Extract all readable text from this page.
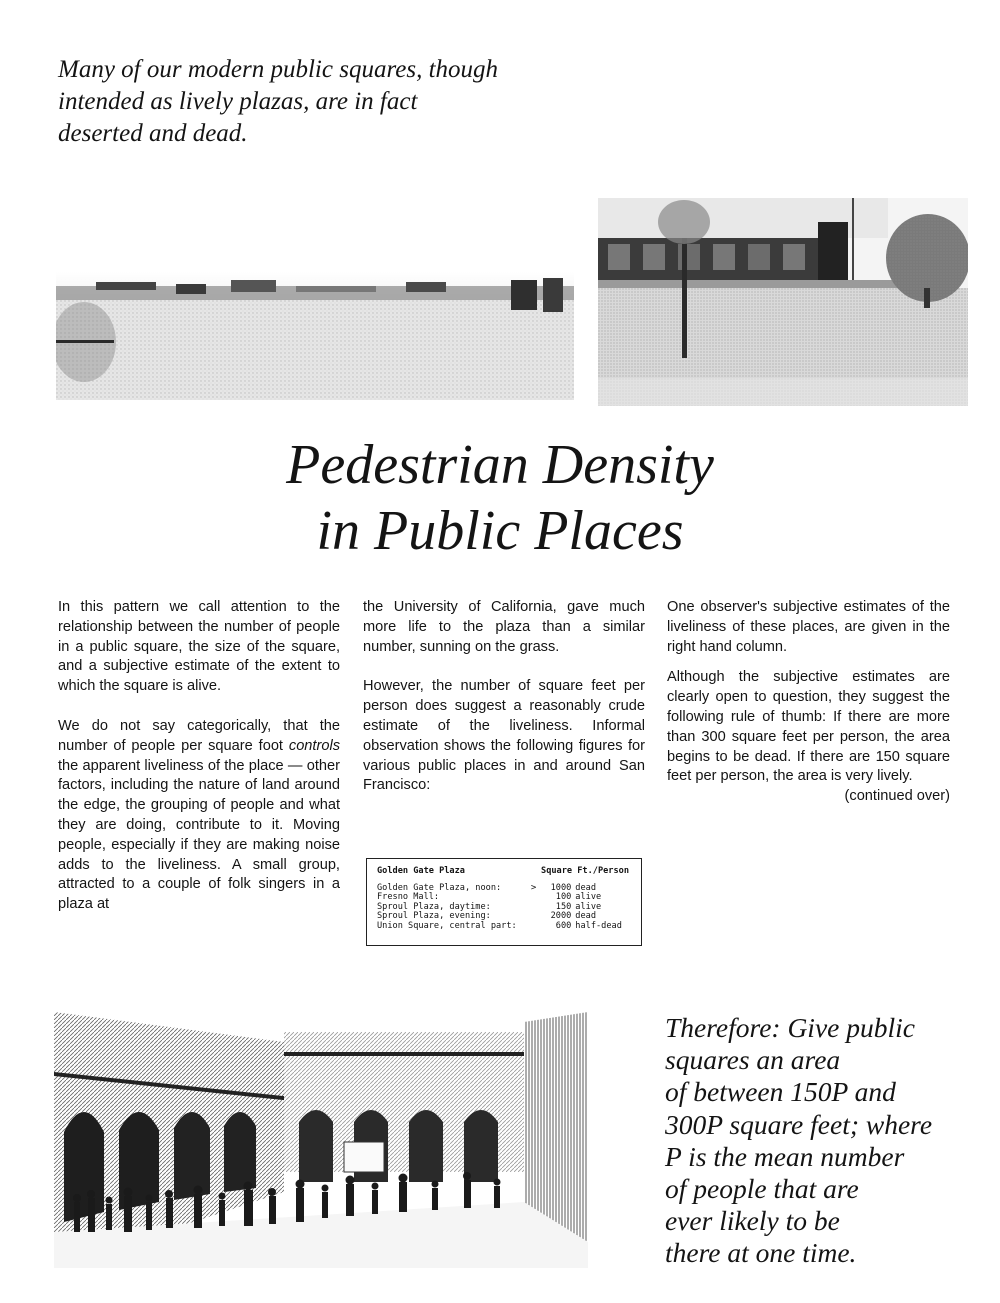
Many of our modern public squares, though
intended as lively plazas, are in fact
deserted and dead.
Pedestrian Density
in Public Places

In this pattern we call attention to the relationship between the number of people in a public square, the size of the square, and a subjective estimate of the extent to which the square is alive.

We do not say categorically, that the number of people per square foot controls the apparent liveliness of the place — other factors, including the nature of land around the edge, the grouping of people and what they are doing, contribute to it. Moving people, especially if they are making noise adds to the liveliness. A small group, attracted to a couple of folk singers in a plaza at

the University of California, gave much more life to the plaza than a similar number, sunning on the grass.

However, the number of square feet per person does suggest a reasonably crude estimate of the liveliness. Informal observation shows the following figures for various public places in and around San Francisco:

Golden Gate Plaza	Square Ft./Person
Golden Gate Plaza, noon:	>	1000 dead
Fresno Mall:	100 alive
Sproul Plaza, daytime:	150 alive
Sproul Plaza, evening:	2000 dead
Union Square, central part:	600 half-dead

One observer's subjective estimates of the liveliness of these places, are given in the right hand column.

Although the subjective estimates are clearly open to question, they suggest the following rule of thumb: If there are more than 300 square feet per person, the area begins to be dead. If there are 150 square feet per person, the area is very lively.
(continued over)

Therefore: Give public
squares an area
of between 150P and
300P square feet; where
P is the mean number
of people that are
ever likely to be
there at one time.
